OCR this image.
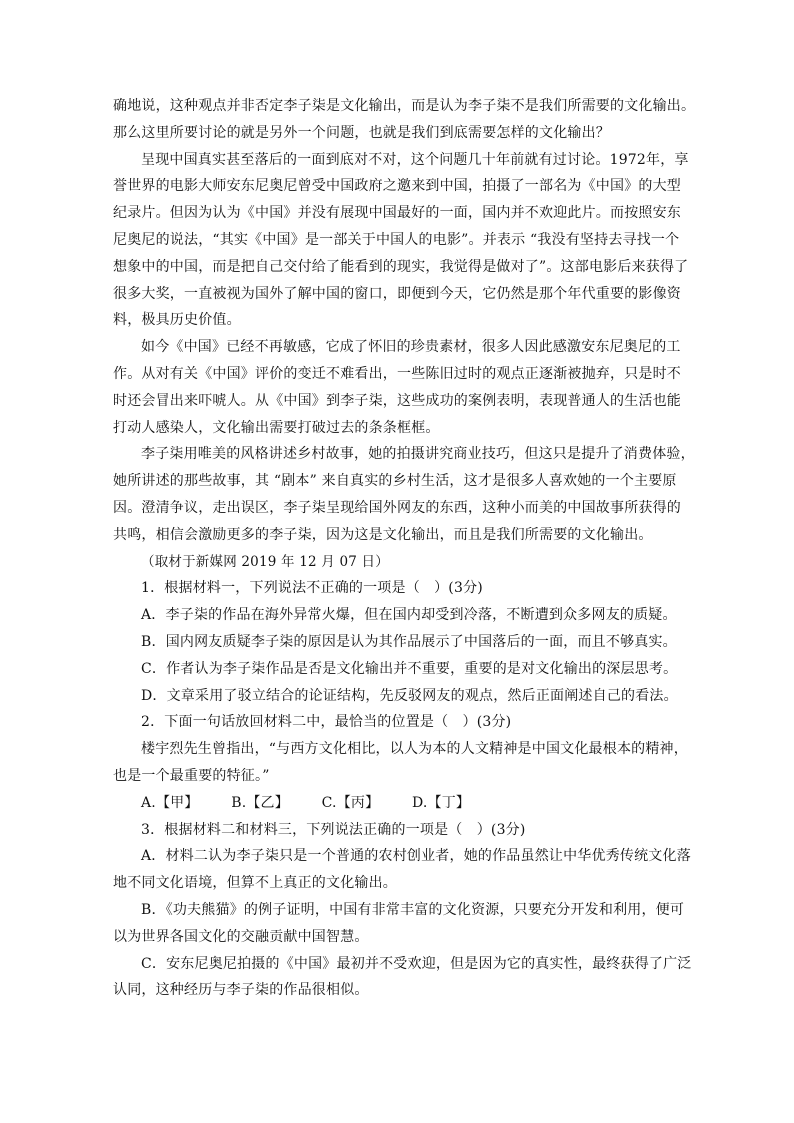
确地说，这种观点并非否定李子柒是文化输出，而是认为李子柒不是我们所需要的文化输出。
那么这里所要讨论的就是另外一个问题，也就是我们到底需要怎样的文化输出？
呈现中国真实甚至落后的一面到底对不对，这个问题几十年前就有过讨论。1972年，享
誉世界的电影大师安东尼奥尼曾受中国政府之邀来到中国，拍摄了一部名为《中国》的大型
纪录片。但因为认为《中国》并没有展现中国最好的一面，国内并不欢迎此片。而按照安东
尼奥尼的说法，“其实《中国》是一部关于中国人的电影”。并表示 “我没有坚持去寻找一个
想象中的中国，而是把自己交付给了能看到的现实，我觉得是做对了”。这部电影后来获得了
很多大奖，一直被视为国外了解中国的窗口，即便到今天，它仍然是那个年代重要的影像资
料，极具历史价值。
如今《中国》已经不再敏感，它成了怀旧的珍贵素材，很多人因此感激安东尼奥尼的工
作。从对有关《中国》评价的变迁不难看出，一些陈旧过时的观点正逐渐被抛弃，只是时不
时还会冒出来吓唬人。从《中国》到李子柒，这些成功的案例表明，表现普通人的生活也能
打动人感染人，文化输出需要打破过去的条条框框。
李子柒用唯美的风格讲述乡村故事，她的拍摄讲究商业技巧，但这只是提升了消费体验，
她所讲述的那些故事，其 “剧本” 来自真实的乡村生活，这才是很多人喜欢她的一个主要原
因。澄清争议，走出误区，李子柒呈现给国外网友的东西，这种小而美的中国故事所获得的
共鸣，相信会激励更多的李子柒，因为这是文化输出，而且是我们所需要的文化输出。
（取材于新媒网 2019 年 12 月 07 日）
1．根据材料一，下列说法不正确的一项是（　）(3分)
A．李子柒的作品在海外异常火爆，但在国内却受到冷落，不断遭到众多网友的质疑。
B．国内网友质疑李子柒的原因是认为其作品展示了中国落后的一面，而且不够真实。
C．作者认为李子柒作品是否是文化输出并不重要，重要的是对文化输出的深层思考。
D．文章采用了驳立结合的论证结构，先反驳网友的观点，然后正面阐述自己的看法。
2．下面一句话放回材料二中，最恰当的位置是（　）(3分)
楼宇烈先生曾指出，“与西方文化相比，以人为本的人文精神是中国文化最根本的精神，
也是一个最重要的特征。”
A.【甲】 B.【乙】 C.【丙】 D.【丁】
3．根据材料二和材料三，下列说法正确的一项是（　）(3分)
A．材料二认为李子柒只是一个普通的农村创业者，她的作品虽然让中华优秀传统文化落
地不同文化语境，但算不上真正的文化输出。
B．《功夫熊猫》的例子证明，中国有非常丰富的文化资源，只要充分开发和利用，便可
以为世界各国文化的交融贡献中国智慧。
C．安东尼奥尼拍摄的《中国》最初并不受欢迎，但是因为它的真实性，最终获得了广泛
认同，这种经历与李子柒的作品很相似。
